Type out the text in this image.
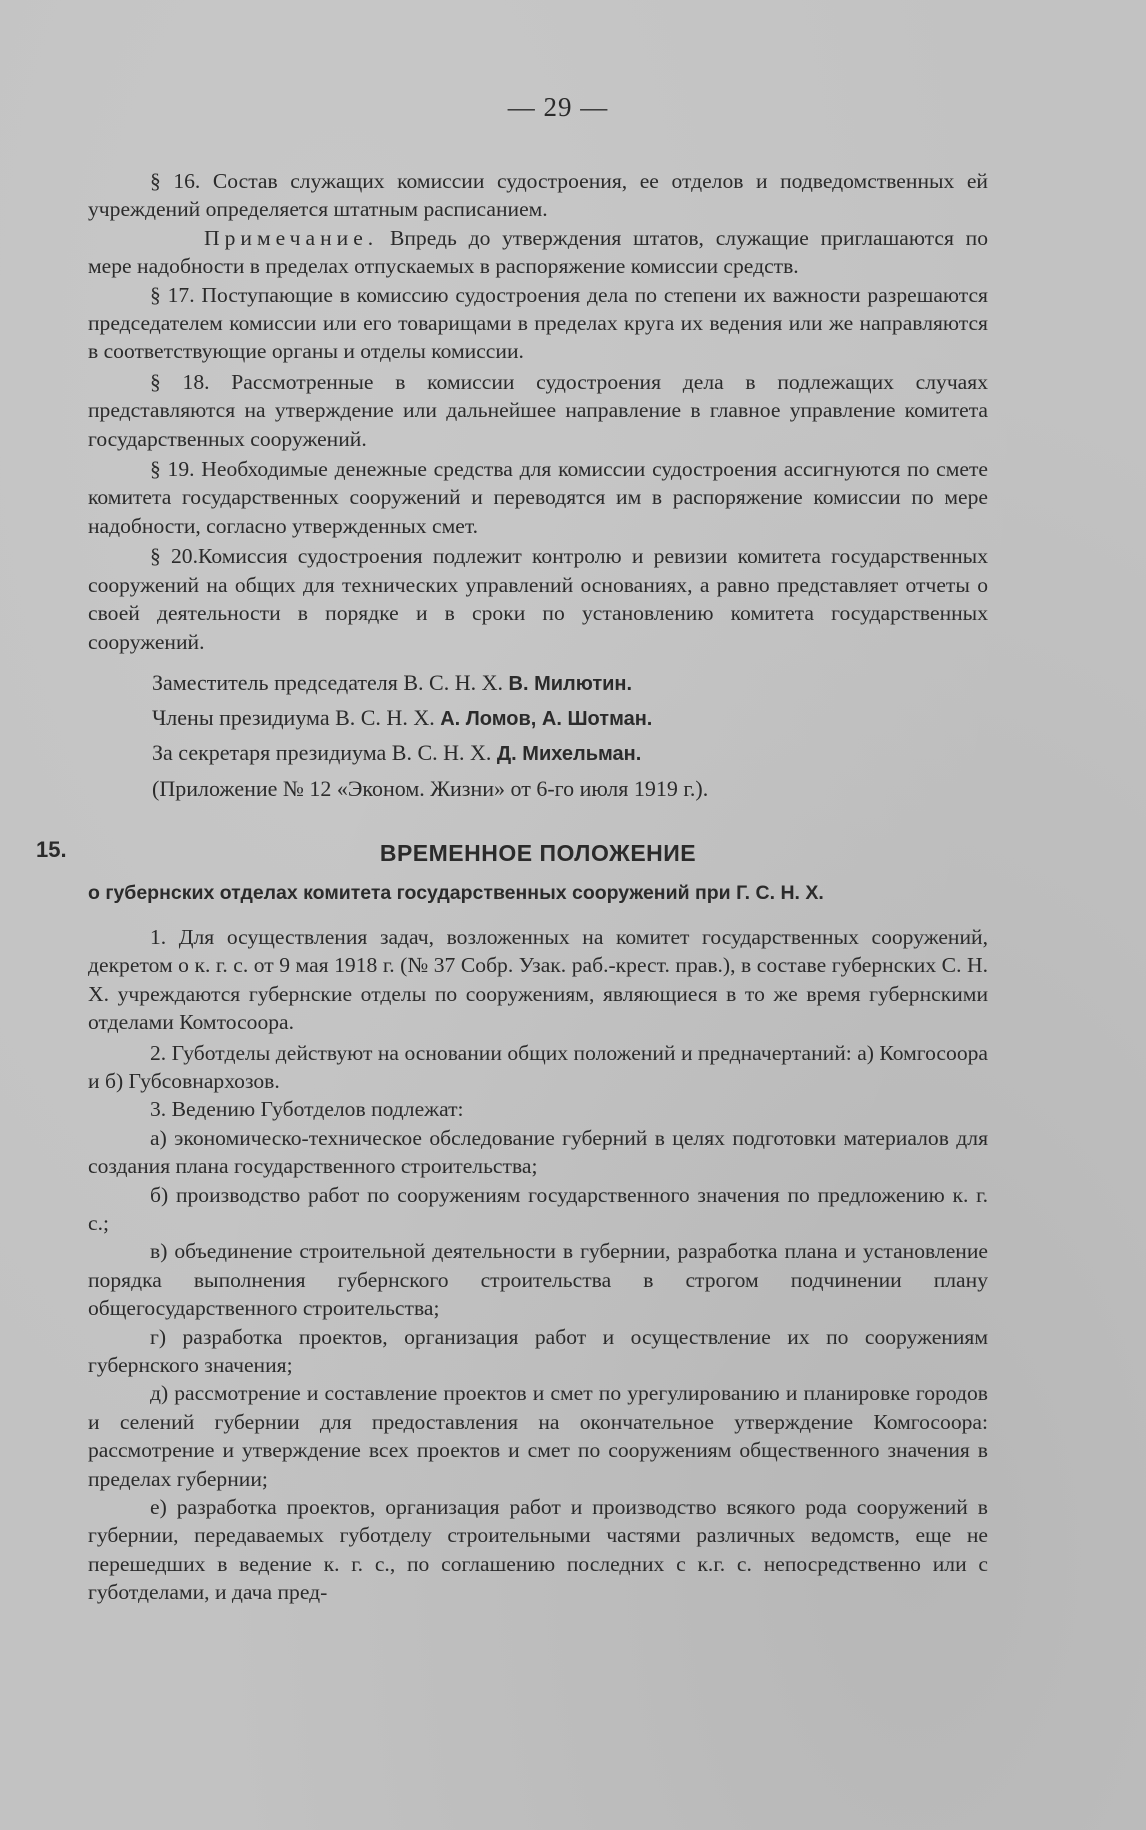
— 29 —

§ 16. Состав служащих комиссии судостроения, ее отделов и подведомственных ей учреждений определяется штатным расписанием.

Примечание. Впредь до утверждения штатов, служащие приглашаются по мере надобности в пределах отпускаемых в распоряжение комиссии средств.

§ 17. Поступающие в комиссию судостроения дела по степени их важности разрешаются председателем комиссии или его товарищами в пределах круга их ведения или же направляются в соответствующие органы и отделы комиссии.

§ 18. Рассмотренные в комиссии судостроения дела в подлежащих случаях представляются на утверждение или дальнейшее направление в главное управление комитета государственных сооружений.

§ 19. Необходимые денежные средства для комиссии судостроения ассигнуются по смете комитета государственных сооружений и переводятся им в распоряжение комиссии по мере надобности, согласно утвержденных смет.

§ 20.Комиссия судостроения подлежит контролю и ревизии комитета государственных сооружений на общих для технических управлений основаниях, а равно представляет отчеты о своей деятельности в порядке и в сроки по установлению комитета государственных сооружений.

Заместитель председателя В. С. Н. Х. В. Милютин.
Члены президиума В. С. Н. Х. А. Ломов, А. Шотман.
За секретаря президиума В. С. Н. Х. Д. Михельман.
(Приложение № 12 «Эконом. Жизни» от 6-го июля 1919 г.).
15.	ВРЕМЕННОЕ ПОЛОЖЕНИЕ
о губернских отделах комитета государственных сооружений при Г. С. Н. Х.

1. Для осуществления задач, возложенных на комитет государственных сооружений, декретом о к. г. с. от 9 мая 1918 г. (№ 37 Собр. Узак. раб.-крест. прав.), в составе губернских С. Н. Х. учреждаются губернские отделы по сооружениям, являющиеся в то же время губернскими отделами Комтосоора.

2. Губотделы действуют на основании общих положений и предначертаний: а) Комгосоора и б) Губсовнархозов.

3. Ведению Губотделов подлежат:

а) экономическо-техническое обследование губерний в целях подготовки материалов для создания плана государственного строительства;

б) производство работ по сооружениям государственного значения по предложению к. г. с.;

в) объединение строительной деятельности в губернии, разработка плана и установление порядка выполнения губернского строительства в строгом подчинении плану общегосударственного строительства;

г) разработка проектов, организация работ и осуществление их по сооружениям губернского значения;

д) рассмотрение и составление проектов и смет по урегулированию и планировке городов и селений губернии для предоставления на окончательное утверждение Комгосоора: рассмотрение и утверждение всех проектов и смет по сооружениям общественного значения в пределах губернии;

е) разработка проектов, организация работ и производство всякого рода сооружений в губернии, передаваемых губотделу строительными частями различных ведомств, еще не перешедших в ведение к. г. с., по соглашению последних с к.г. с. непосредственно или с губотделами, и дача пред-
